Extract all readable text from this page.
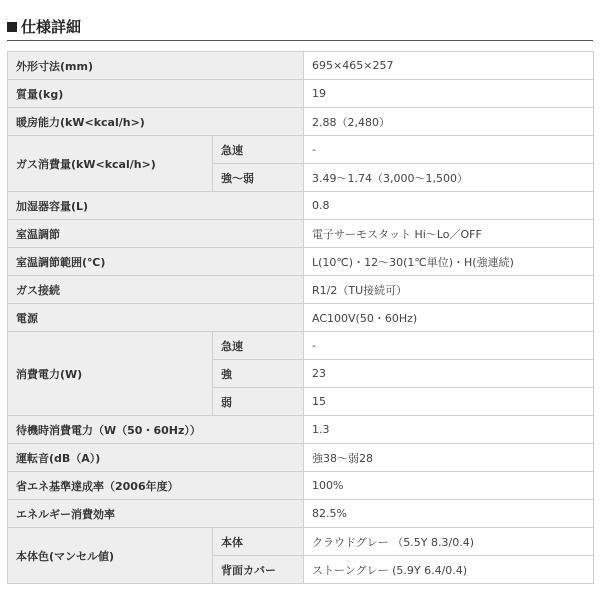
仕様詳細
外形寸法(mm)		695×465×257
質量(kg)		19
暖房能力(kW<kcal/h>)		2.88（2,480）
ガス消費量(kW<kcal/h>)	急速	-
	強～弱	3.49～1.74（3,000～1,500）
加湿器容量(L)		0.8
室温調節		電子サーモスタット Hi～Lo／OFF
室温調節範囲(℃)		L(10℃)・12～30(1℃単位)・H(強連続)
ガス接続		R1/2（TU接続可）
電源		AC100V(50・60Hz)
消費電力(W)	急速	-
	強	23
	弱	15
待機時消費電力（W（50・60Hz））		1.3
運転音(dB（A）)		強38～弱28
省エネ基準達成率（2006年度）		100%
エネルギー消費効率		82.5%
本体色(マンセル値)	本体	クラウドグレー （5.5Y 8.3/0.4)
	背面カバー	ストーングレー (5.9Y 6.4/0.4)
